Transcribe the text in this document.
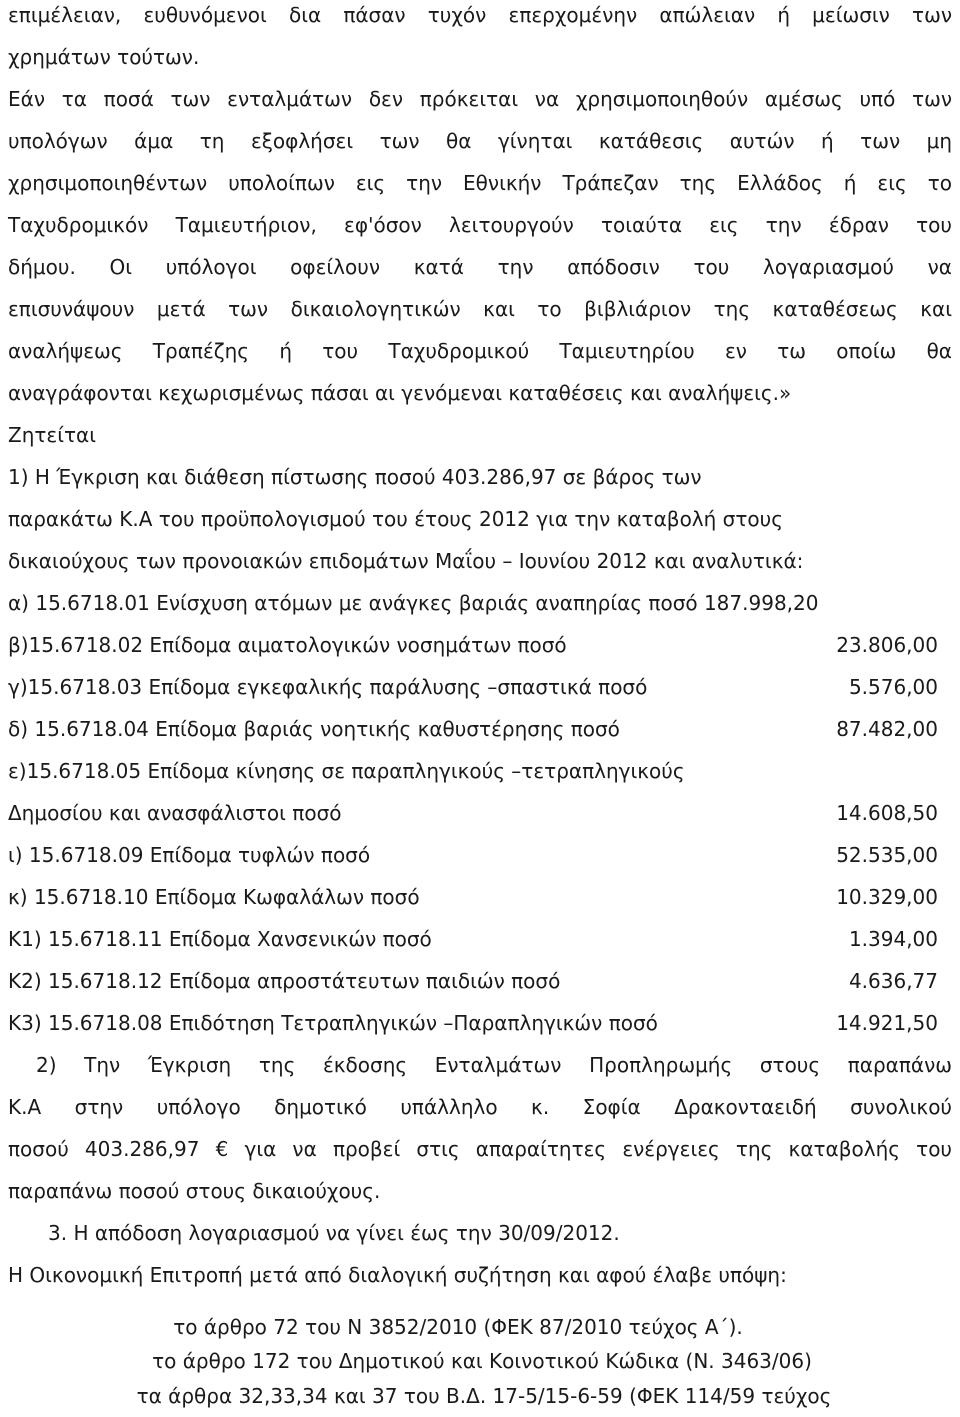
επιμέλειαν, ευθυνόμενοι δια πάσαν τυχόν επερχομένην απώλειαν ή μείωσιν των
χρημάτων τούτων.
Εάν τα ποσά των ενταλμάτων δεν πρόκειται να χρησιμοποιηθούν αμέσως υπό των
υπολόγων άμα τη εξοφλήσει των θα γίνηται κατάθεσις αυτών ή των μη
χρησιμοποιηθέντων υπολοίπων εις την Εθνικήν Τράπεζαν της Ελλάδος ή εις το
Ταχυδρομικόν Ταμιευτήριον, εφ'όσον λειτουργούν τοιαύτα εις την έδραν του
δήμου. Οι υπόλογοι οφείλουν κατά την απόδοσιν του λογαριασμού να
επισυνάψουν μετά των δικαιολογητικών και το βιβλιάριον της καταθέσεως και
αναλήψεως Τραπέζης ή του Ταχυδρομικού Ταμιευτηρίου εν τω οποίω θα
αναγράφονται κεχωρισμένως πάσαι αι γενόμεναι καταθέσεις και αναλήψεις.»
Ζητείται
1) Η Έγκριση και διάθεση πίστωσης ποσού 403.286,97 σε βάρος των
παρακάτω Κ.Α του προϋπολογισμού του έτους 2012 για την καταβολή στους
δικαιούχους των προνοιακών επιδομάτων Μαΐου – Ιουνίου 2012 και αναλυτικά:
α) 15.6718.01 Ενίσχυση ατόμων με ανάγκες βαριάς αναπηρίας ποσό 187.998,20
β)15.6718.02 Επίδομα αιματολογικών νοσημάτων ποσό	23.806,00
γ)15.6718.03 Επίδομα εγκεφαλικής παράλυσης –σπαστικά ποσό	5.576,00
δ) 15.6718.04 Επίδομα βαριάς νοητικής καθυστέρησης ποσό	87.482,00
ε)15.6718.05 Επίδομα κίνησης σε παραπληγικούς –τετραπληγικούς
Δημοσίου και ανασφάλιστοι ποσό	14.608,50
ι) 15.6718.09 Επίδομα τυφλών ποσό	52.535,00
κ) 15.6718.10 Επίδομα Κωφαλάλων ποσό	10.329,00
Κ1) 15.6718.11 Επίδομα Χανσενικών ποσό	1.394,00
Κ2) 15.6718.12 Επίδομα απροστάτευτων παιδιών ποσό	4.636,77
Κ3) 15.6718.08 Επιδότηση Τετραπληγικών –Παραπληγικών ποσό	14.921,50
2) Την Έγκριση της έκδοσης Ενταλμάτων Προπληρωμής στους παραπάνω
Κ.Α στην υπόλογο δημοτικό υπάλληλο κ. Σοφία Δρακονταειδή συνολικού
ποσού 403.286,97 € για να προβεί στις απαραίτητες ενέργειες της καταβολής του
παραπάνω ποσού στους δικαιούχους.
3. Η απόδοση λογαριασμού να γίνει έως την 30/09/2012.
Η Οικονομική Επιτροπή μετά από διαλογική συζήτηση και αφού έλαβε υπόψη:
το άρθρο 72 του Ν 3852/2010 (ΦΕΚ 87/2010 τεύχος Α΄).
το άρθρο 172 του Δημοτικού και Κοινοτικού Κώδικα (Ν. 3463/06)
τα άρθρα 32,33,34 και 37 του Β.Δ. 17-5/15-6-59 (ΦΕΚ 114/59 τεύχος
